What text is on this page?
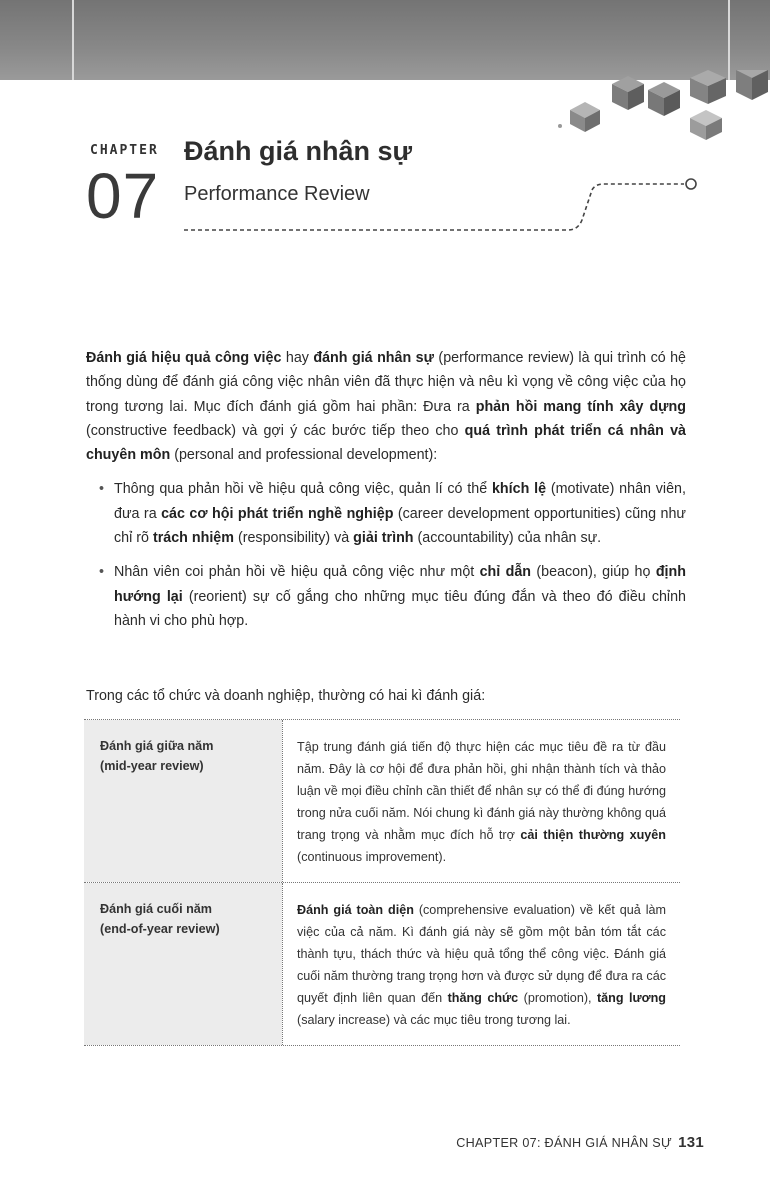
CHAPTER
07
Đánh giá nhân sự
Performance Review

Đánh giá hiệu quả công việc hay đánh giá nhân sự (performance review) là qui trình có hệ thống dùng để đánh giá công việc nhân viên đã thực hiện và nêu kì vọng về công việc của họ trong tương lai. Mục đích đánh giá gồm hai phần: Đưa ra phản hồi mang tính xây dựng (constructive feedback) và gợi ý các bước tiếp theo cho quá trình phát triển cá nhân và chuyên môn (personal and professional development):

• Thông qua phản hồi về hiệu quả công việc, quản lí có thể khích lệ (motivate) nhân viên, đưa ra các cơ hội phát triển nghề nghiệp (career development opportunities) cũng như chỉ rõ trách nhiệm (responsibility) và giải trình (accountability) của nhân sự.
• Nhân viên coi phản hồi về hiệu quả công việc như một chỉ dẫn (beacon), giúp họ định hướng lại (reorient) sự cố gắng cho những mục tiêu đúng đắn và theo đó điều chỉnh hành vi cho phù hợp.
Trong các tổ chức và doanh nghiệp, thường có hai kì đánh giá:
Đánh giá giữa năm
(mid-year review)
Tập trung đánh giá tiến độ thực hiện các mục tiêu đề ra từ đầu năm. Đây là cơ hội để đưa phản hồi, ghi nhận thành tích và thảo luận về mọi điều chỉnh cần thiết để nhân sự có thể đi đúng hướng trong nửa cuối năm. Nói chung kì đánh giá này thường không quá trang trọng và nhằm mục đích hỗ trợ cải thiện thường xuyên (continuous improvement).
Đánh giá cuối năm
(end-of-year review)
Đánh giá toàn diện (comprehensive evaluation) về kết quả làm việc của cả năm. Kì đánh giá này sẽ gồm một bản tóm tắt các thành tựu, thách thức và hiệu quả tổng thể công việc. Đánh giá cuối năm thường trang trọng hơn và được sử dụng để đưa ra các quyết định liên quan đến thăng chức (promotion), tăng lương (salary increase) và các mục tiêu trong tương lai.
CHAPTER 07: ĐÁNH GIÁ NHÂN SỰ 131
